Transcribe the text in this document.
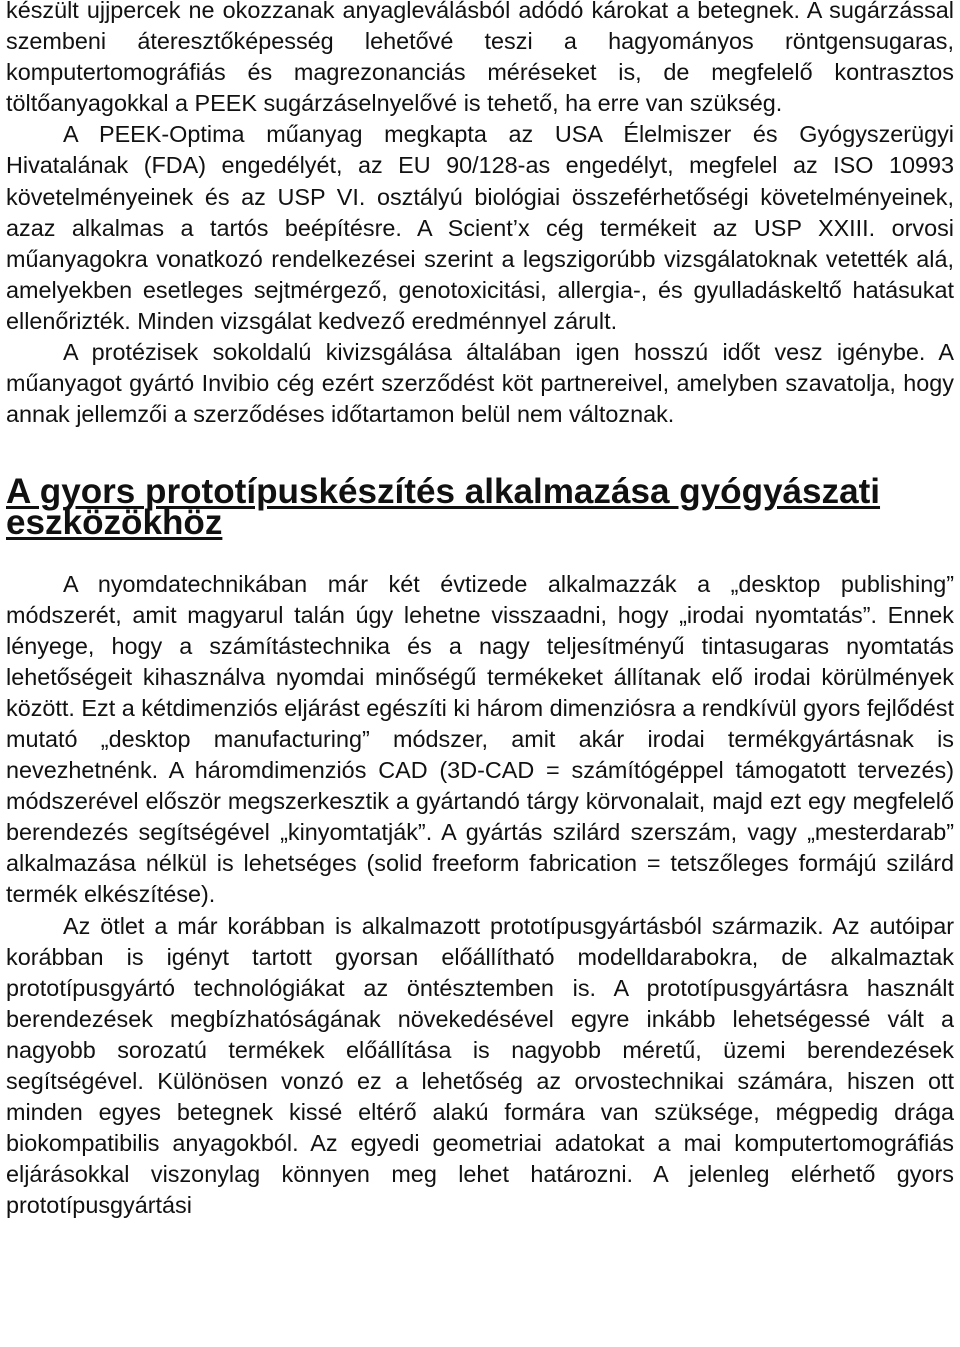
készült ujjpercek ne okozzanak anyagleválásból adódó károkat a betegnek. A sugárzással szembeni áteresztőképesség lehetővé teszi a hagyományos röntgensugaras, komputertomográfiás és magrezonanciás méréseket is, de megfelelő kontrasztos töltőanyagokkal a PEEK sugárzáselnyelővé is tehető, ha erre van szükség.

A PEEK-Optima műanyag megkapta az USA Élelmiszer és Gyógyszerügyi Hivatalának (FDA) engedélyét, az EU 90/128-as engedélyt, megfelel az ISO 10993 követelményeinek és az USP VI. osztályú biológiai összeférhetőségi követelményeinek, azaz alkalmas a tartós beépítésre. A Scient’x cég termékeit az USP XXIII. orvosi műanyagokra vonatkozó rendelkezései szerint a legszigorúbb vizsgálatoknak vetették alá, amelyekben esetleges sejtmérgező, genotoxicitási, allergia-, és gyulladáskeltő hatásukat ellenőrizték. Minden vizsgálat kedvező eredménnyel zárult.

A protézisek sokoldalú kivizsgálása általában igen hosszú időt vesz igénybe. A műanyagot gyártó Invibio cég ezért szerződést köt partnereivel, amelyben szavatolja, hogy annak jellemzői a szerződéses időtartamon belül nem változnak.

A gyors prototípuskészítés alkalmazása gyógyászati eszközökhöz

A nyomdatechnikában már két évtizede alkalmazzák a „desktop publishing” módszerét, amit magyarul talán úgy lehetne visszaadni, hogy „irodai nyomtatás”. Ennek lényege, hogy a számítástechnika és a nagy teljesítményű tintasugaras nyomtatás lehetőségeit kihasználva nyomdai minőségű termékeket állítanak elő irodai körülmények között. Ezt a kétdimenziós eljárást egészíti ki három dimenziósra a rendkívül gyors fejlődést mutató „desktop manufacturing” módszer, amit akár irodai termékgyártásnak is nevezhetnénk. A háromdimenziós CAD (3D-CAD = számítógéppel támogatott tervezés) módszerével először megszerkesztik a gyártandó tárgy körvonalait, majd ezt egy megfelelő berendezés segítségével „kinyomtatják”. A gyártás szilárd szerszám, vagy „mesterdarab” alkalmazása nélkül is lehetséges (solid freeform fabrication = tetszőleges formájú szilárd termék elkészítése).

Az ötlet a már korábban is alkalmazott prototípusgyártásból származik. Az autóipar korábban is igényt tartott gyorsan előállítható modelldarabokra, de alkalmaztak prototípusgyártó technológiákat az öntésztemben is. A prototípusgyártásra használt berendezések megbízhatóságának növekedésével egyre inkább lehetségessé vált a nagyobb sorozatú termékek előállítása is nagyobb méretű, üzemi berendezések segítségével. Különösen vonzó ez a lehetőség az orvostechnikai számára, hiszen ott minden egyes betegnek kissé eltérő alakú formára van szüksége, mégpedig drága biokompatibilis anyagokból. Az egyedi geometriai adatokat a mai komputertomográfiás eljárásokkal viszonylag könnyen meg lehet határozni. A jelenleg elérhető gyors prototípusgyártási
